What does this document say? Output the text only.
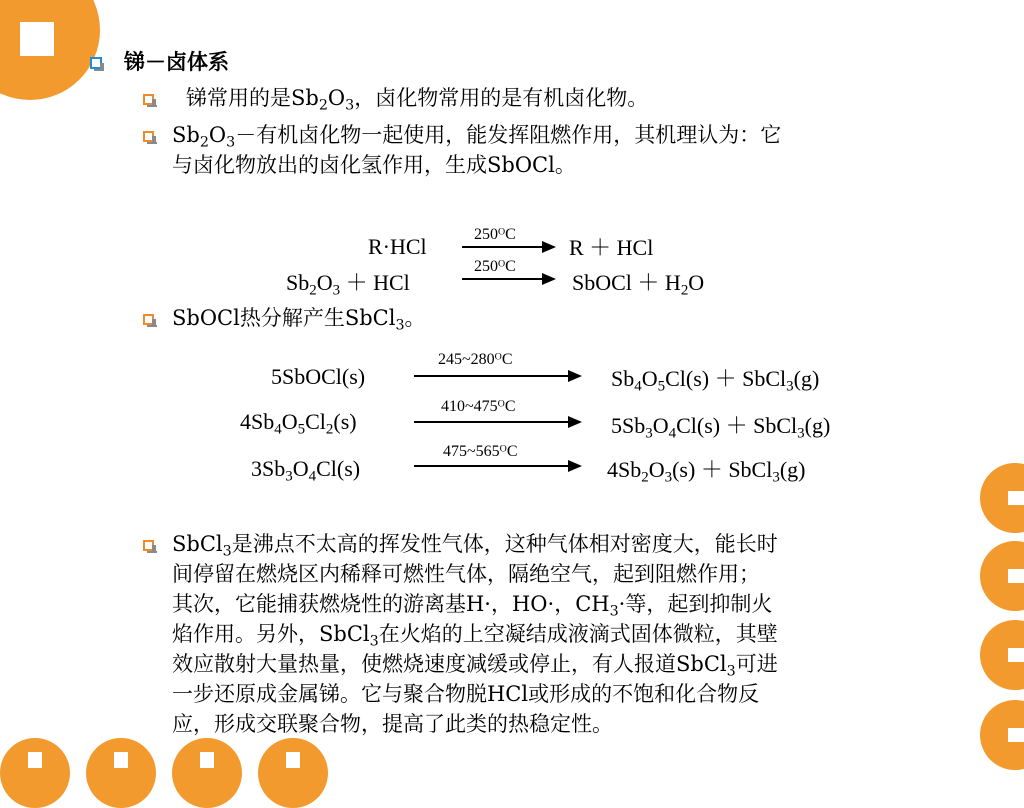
锑－卤体系
锑常用的是$Sb_2O_3$，卤化物常用的是有机卤化物。
$Sb_2O_3-$有机卤化物一起使用，能发挥阻燃作用，其机理认为：它
与卤化物放出的卤化氢作用，生成SbOCl。
R·HCl	$250^OC$
R ＋ HCl
$Sb_2O_3$ ＋ HCl
$250^OC$
SbOCl ＋ $H_2O$
SbOCl热分解产生SbCl$_3$。
5SbOCl(s)
$245\sim 280^OC$
$Sb_4O_5Cl(s)$ ＋ SbCl$_3$(g)
$4Sb_4O_5Cl_2(s)$
$410\sim 475^OC$
$5Sb_3O_4Cl(s)$ ＋ SbCl$_3$(g)
$3Sb_3O_4Cl(s)$
$475\sim 565^OC$
$4Sb_2O_3(s)$ ＋ SbCl$_3$(g)
SbCl$_3$是沸点不太高的挥发性气体，这种气体相对密度大，能长时
间停留在燃烧区内稀释可燃性气体，隔绝空气，起到阻燃作用；
其次，它能捕获燃烧性的游离基H·，HO·，$CH_3\cdot$等，起到抑制火
焰作用。另外，SbCl$_3$在火焰的上空凝结成液滴式固体微粒，其壁
效应散射大量热量，使燃烧速度减缓或停止，有人报道SbCl$_3$可进
一步还原成金属锑。它与聚合物脱HCl或形成的不饱和化合物反
应，形成交联聚合物，提高了此类的热稳定性。
